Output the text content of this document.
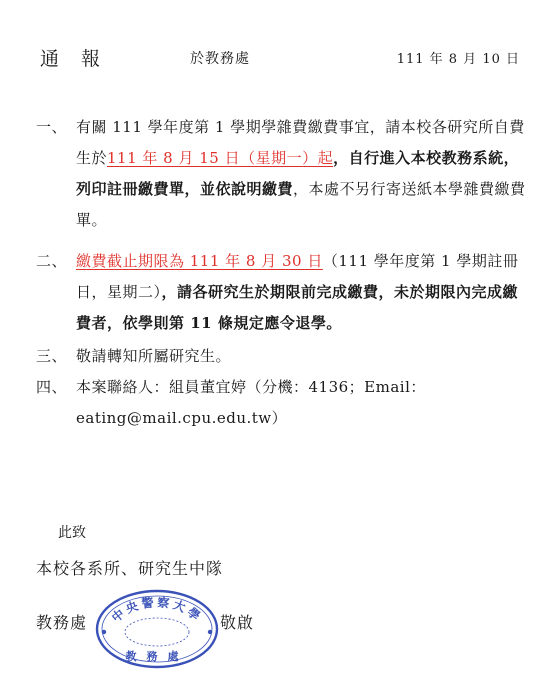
通報	於教務處	111 年 8 月 10 日
一、 有關 111 學年度第 1 學期學雜費繳費事宜，請本校各研究所自費生於111 年 8 月 15 日（星期一）起，自行進入本校教務系統，列印註冊繳費單，並依說明繳費，本處不另行寄送紙本學雜費繳費單。
二、 繳費截止期限為 111 年 8 月 30 日（111 學年度第 1 學期註冊日，星期二），請各研究生於期限前完成繳費，未於期限內完成繳費者，依學則第 11 條規定應令退學。
三、 敬請轉知所屬研究生。
四、 本案聯絡人：組員董宜婷（分機：4136；Email：eating@mail.cpu.edu.tw）
此致
本校各系所、研究生中隊
教務處	敬啟
中央警察大學
教務處
